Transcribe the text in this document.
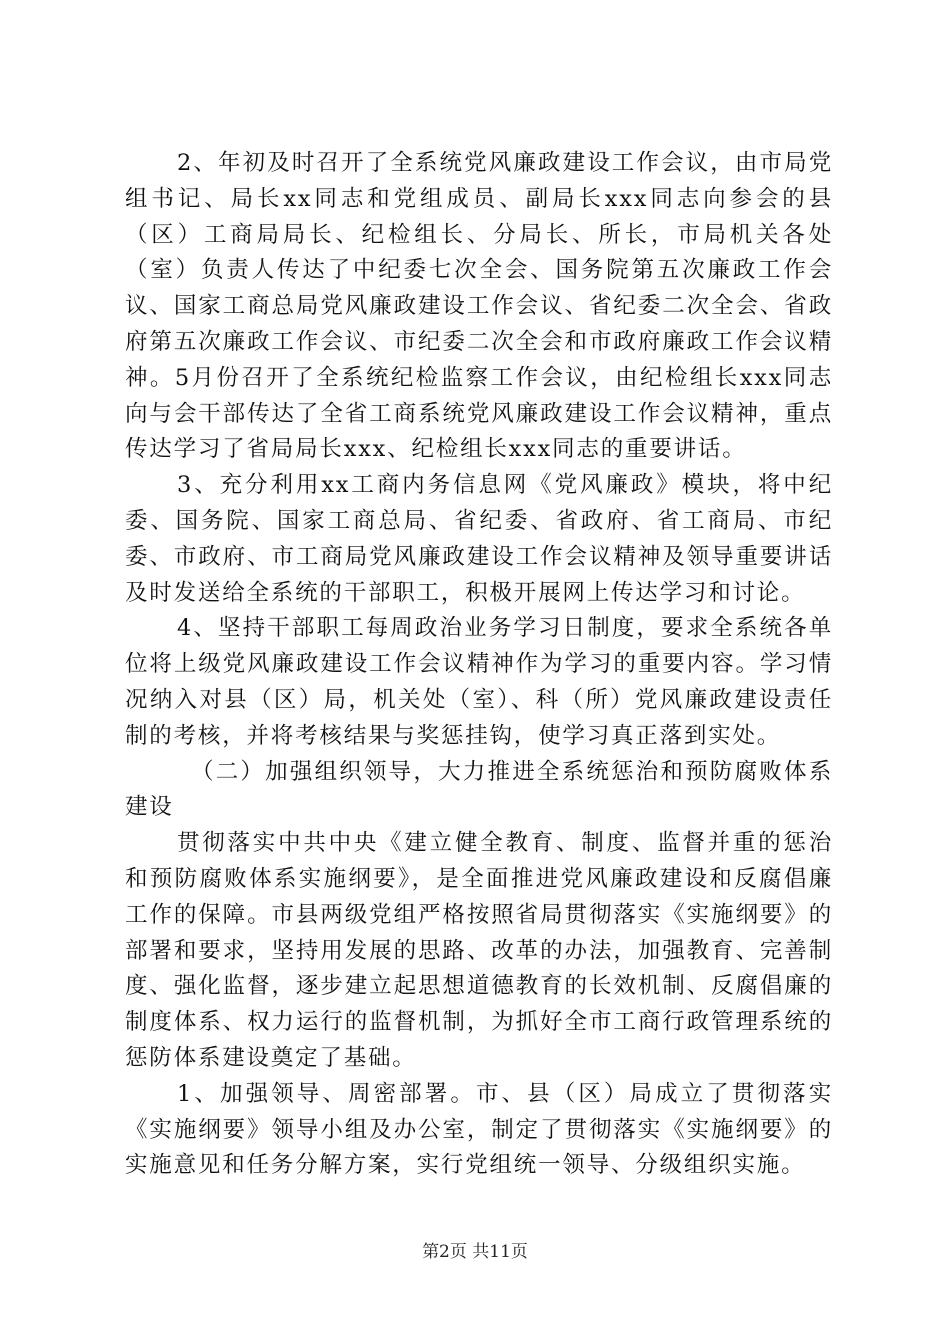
2、年初及时召开了全系统党风廉政建设工作会议，由市局党组书记、局长xx同志和党组成员、副局长xxx同志向参会的县（区）工商局局长、纪检组长、分局长、所长，市局机关各处（室）负责人传达了中纪委七次全会、国务院第五次廉政工作会议、国家工商总局党风廉政建设工作会议、省纪委二次全会、省政府第五次廉政工作会议、市纪委二次全会和市政府廉政工作会议精神。5月份召开了全系统纪检监察工作会议，由纪检组长xxx同志向与会干部传达了全省工商系统党风廉政建设工作会议精神，重点传达学习了省局局长xxx、纪检组长xxx同志的重要讲话。

3、充分利用xx工商内务信息网《党风廉政》模块，将中纪委、国务院、国家工商总局、省纪委、省政府、省工商局、市纪委、市政府、市工商局党风廉政建设工作会议精神及领导重要讲话及时发送给全系统的干部职工，积极开展网上传达学习和讨论。

4、坚持干部职工每周政治业务学习日制度，要求全系统各单位将上级党风廉政建设工作会议精神作为学习的重要内容。学习情况纳入对县（区）局，机关处（室）、科（所）党风廉政建设责任制的考核，并将考核结果与奖惩挂钩，使学习真正落到实处。

（二）加强组织领导，大力推进全系统惩治和预防腐败体系建设

贯彻落实中共中央《建立健全教育、制度、监督并重的惩治和预防腐败体系实施纲要》，是全面推进党风廉政建设和反腐倡廉工作的保障。市县两级党组严格按照省局贯彻落实《实施纲要》的部署和要求，坚持用发展的思路、改革的办法，加强教育、完善制度、强化监督，逐步建立起思想道德教育的长效机制、反腐倡廉的制度体系、权力运行的监督机制，为抓好全市工商行政管理系统的惩防体系建设奠定了基础。

1、加强领导、周密部署。市、县（区）局成立了贯彻落实《实施纲要》领导小组及办公室，制定了贯彻落实《实施纲要》的实施意见和任务分解方案，实行党组统一领导、分级组织实施。

第2页 共11页
